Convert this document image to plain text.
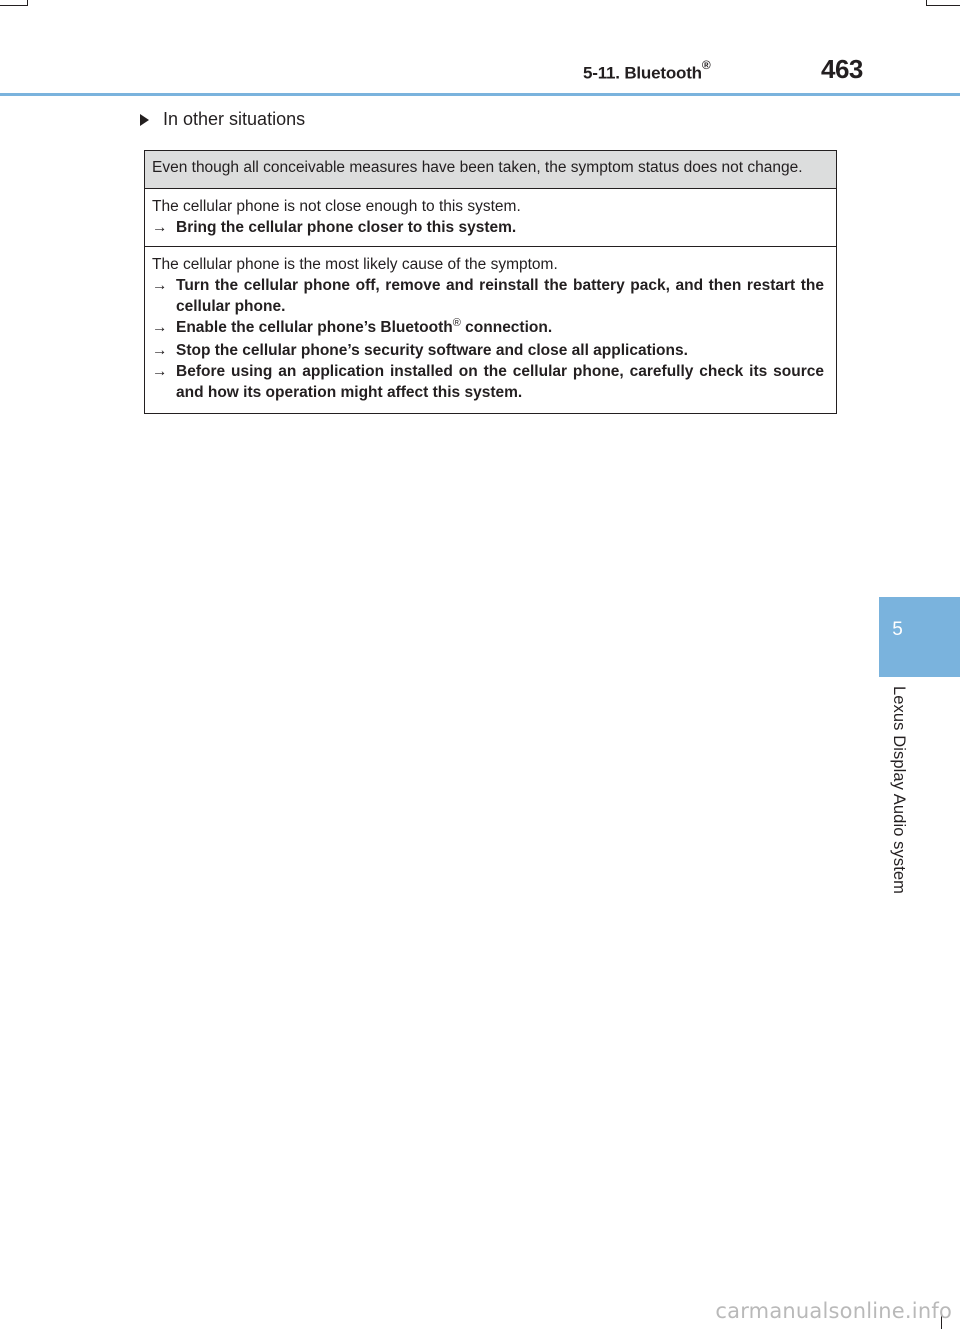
5-11. Bluetooth®	463
In other situations
Even though all conceivable measures have been taken, the symptom status does not change.
The cellular phone is not close enough to this system.
→ Bring the cellular phone closer to this system.
The cellular phone is the most likely cause of the symptom.
→ Turn the cellular phone off, remove and reinstall the battery pack, and then restart the cellular phone.
→ Enable the cellular phone’s Bluetooth® connection.
→ Stop the cellular phone’s security software and close all applications.
→ Before using an application installed on the cellular phone, carefully check its source and how its operation might affect this system.
5
Lexus Display Audio system
carmanualsonline.info
